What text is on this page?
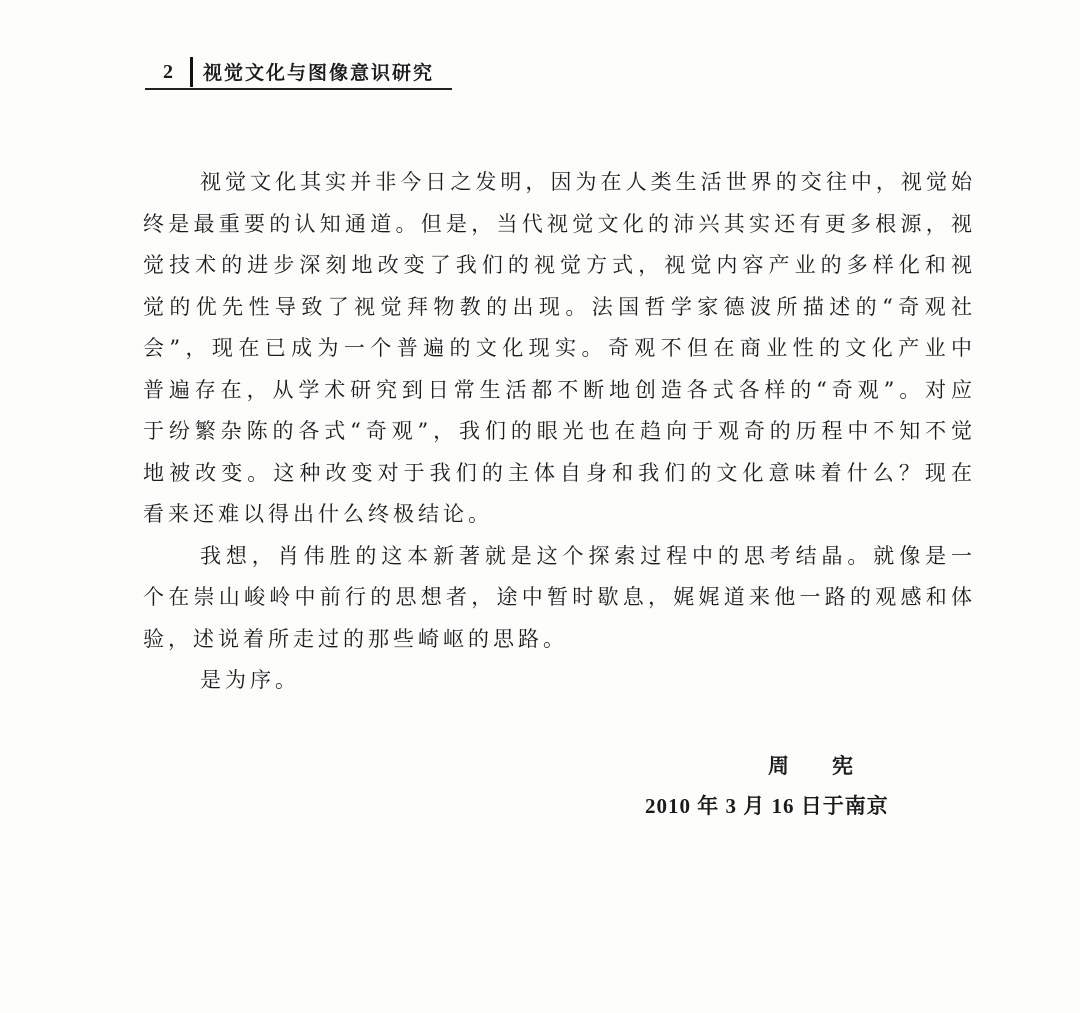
2 视觉文化与图像意识研究
视觉文化其实并非今日之发明，因为在人类生活世界的交往中，视觉始
终是最重要的认知通道。但是，当代视觉文化的沛兴其实还有更多根源，视
觉技术的进步深刻地改变了我们的视觉方式，视觉内容产业的多样化和视
觉的优先性导致了视觉拜物教的出现。法国哲学家德波所描述的“奇观社
会”，现在已成为一个普遍的文化现实。奇观不但在商业性的文化产业中
普遍存在，从学术研究到日常生活都不断地创造各式各样的“奇观”。对应
于纷繁杂陈的各式“奇观”，我们的眼光也在趋向于观奇的历程中不知不觉
地被改变。这种改变对于我们的主体自身和我们的文化意味着什么？现在
看来还难以得出什么终极结论。
我想，肖伟胜的这本新著就是这个探索过程中的思考结晶。就像是一
个在崇山峻岭中前行的思想者，途中暂时歇息，娓娓道来他一路的观感和体
验，述说着所走过的那些崎岖的思路。
是为序。
周　宪
2010 年 3 月 16 日于南京
